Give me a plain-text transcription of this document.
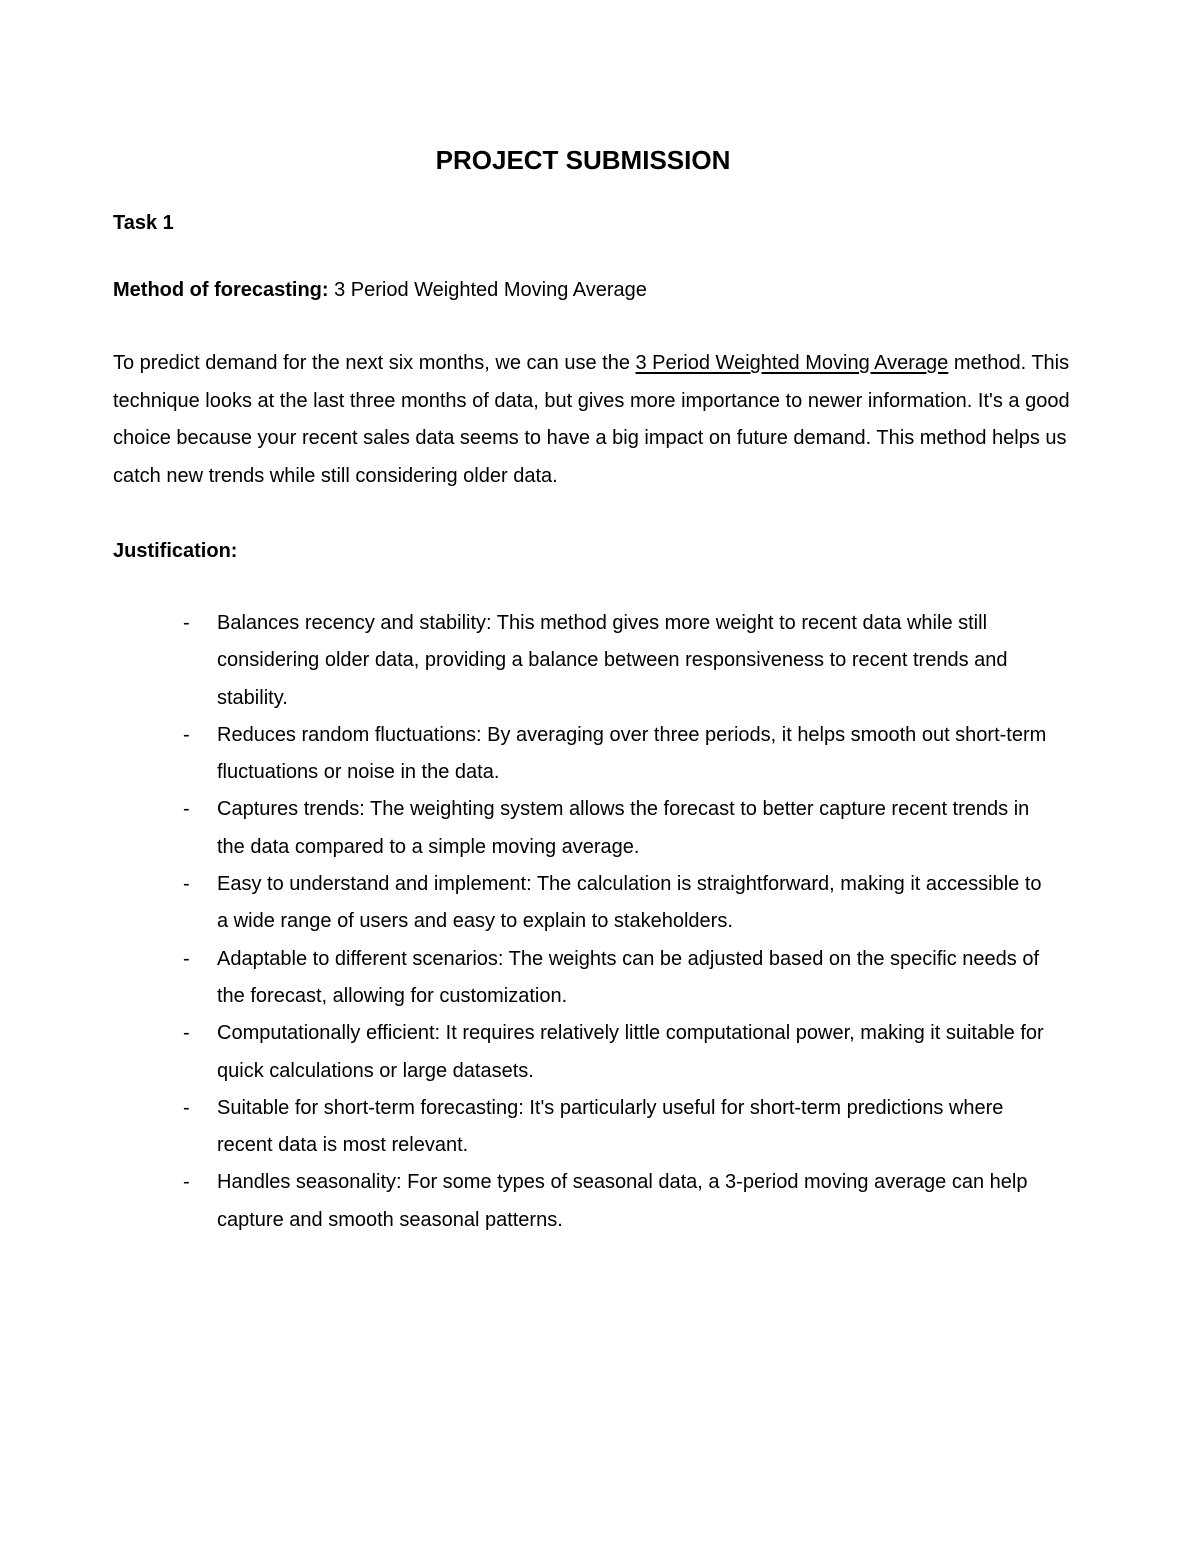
PROJECT SUBMISSION
Task 1

Method of forecasting: 3 Period Weighted Moving Average

To predict demand for the next six months, we can use the 3 Period Weighted Moving Average method. This technique looks at the last three months of data, but gives more importance to newer information. It's a good choice because your recent sales data seems to have a big impact on future demand. This method helps us catch new trends while still considering older data.

Justification:
- Balances recency and stability: This method gives more weight to recent data while still considering older data, providing a balance between responsiveness to recent trends and stability.
- Reduces random fluctuations: By averaging over three periods, it helps smooth out short-term fluctuations or noise in the data.
- Captures trends: The weighting system allows the forecast to better capture recent trends in the data compared to a simple moving average.
- Easy to understand and implement: The calculation is straightforward, making it accessible to a wide range of users and easy to explain to stakeholders.
- Adaptable to different scenarios: The weights can be adjusted based on the specific needs of the forecast, allowing for customization.
- Computationally efficient: It requires relatively little computational power, making it suitable for quick calculations or large datasets.
- Suitable for short-term forecasting: It's particularly useful for short-term predictions where recent data is most relevant.
- Handles seasonality: For some types of seasonal data, a 3-period moving average can help capture and smooth seasonal patterns.
